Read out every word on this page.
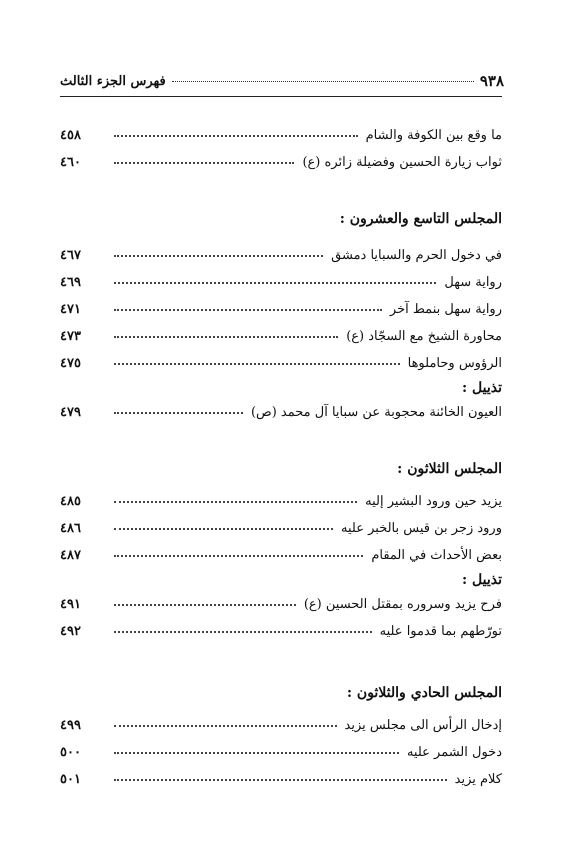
٩٣٨
فهرس الجزء الثالث
ما وقع بين الكوفة والشام
٤٥٨
ثواب زيارة الحسين وفضيلة زائره (ع)
٤٦٠
المجلس التاسع والعشرون :
في دخول الحرم والسبايا دمشق
٤٦٧
رواية سهل
٤٦٩
رواية سهل بنمط آخر
٤٧١
محاورة الشيخ مع السجّاد (ع)
٤٧٣
الرؤوس وحاملوها
٤٧٥
تذييل :
العيون الخائنة محجوبة عن سبايا آل محمد (ص)
٤٧٩
المجلس الثلاثون :
يزيد حين ورود البشير إليه
٤٨٥
ورود زجر بن قيس بالخبر عليه
٤٨٦
بعض الأحداث في المقام
٤٨٧
تذييل :
فرح يزيد وسروره بمقتل الحسين (ع)
٤٩١
تورّطهم بما قدموا عليه
٤٩٢
المجلس الحادي والثلاثون :
إدخال الرأس الى مجلس يزيد
٤٩٩
دخول الشمر عليه
٥٠٠
كلام يزيد
٥٠١
